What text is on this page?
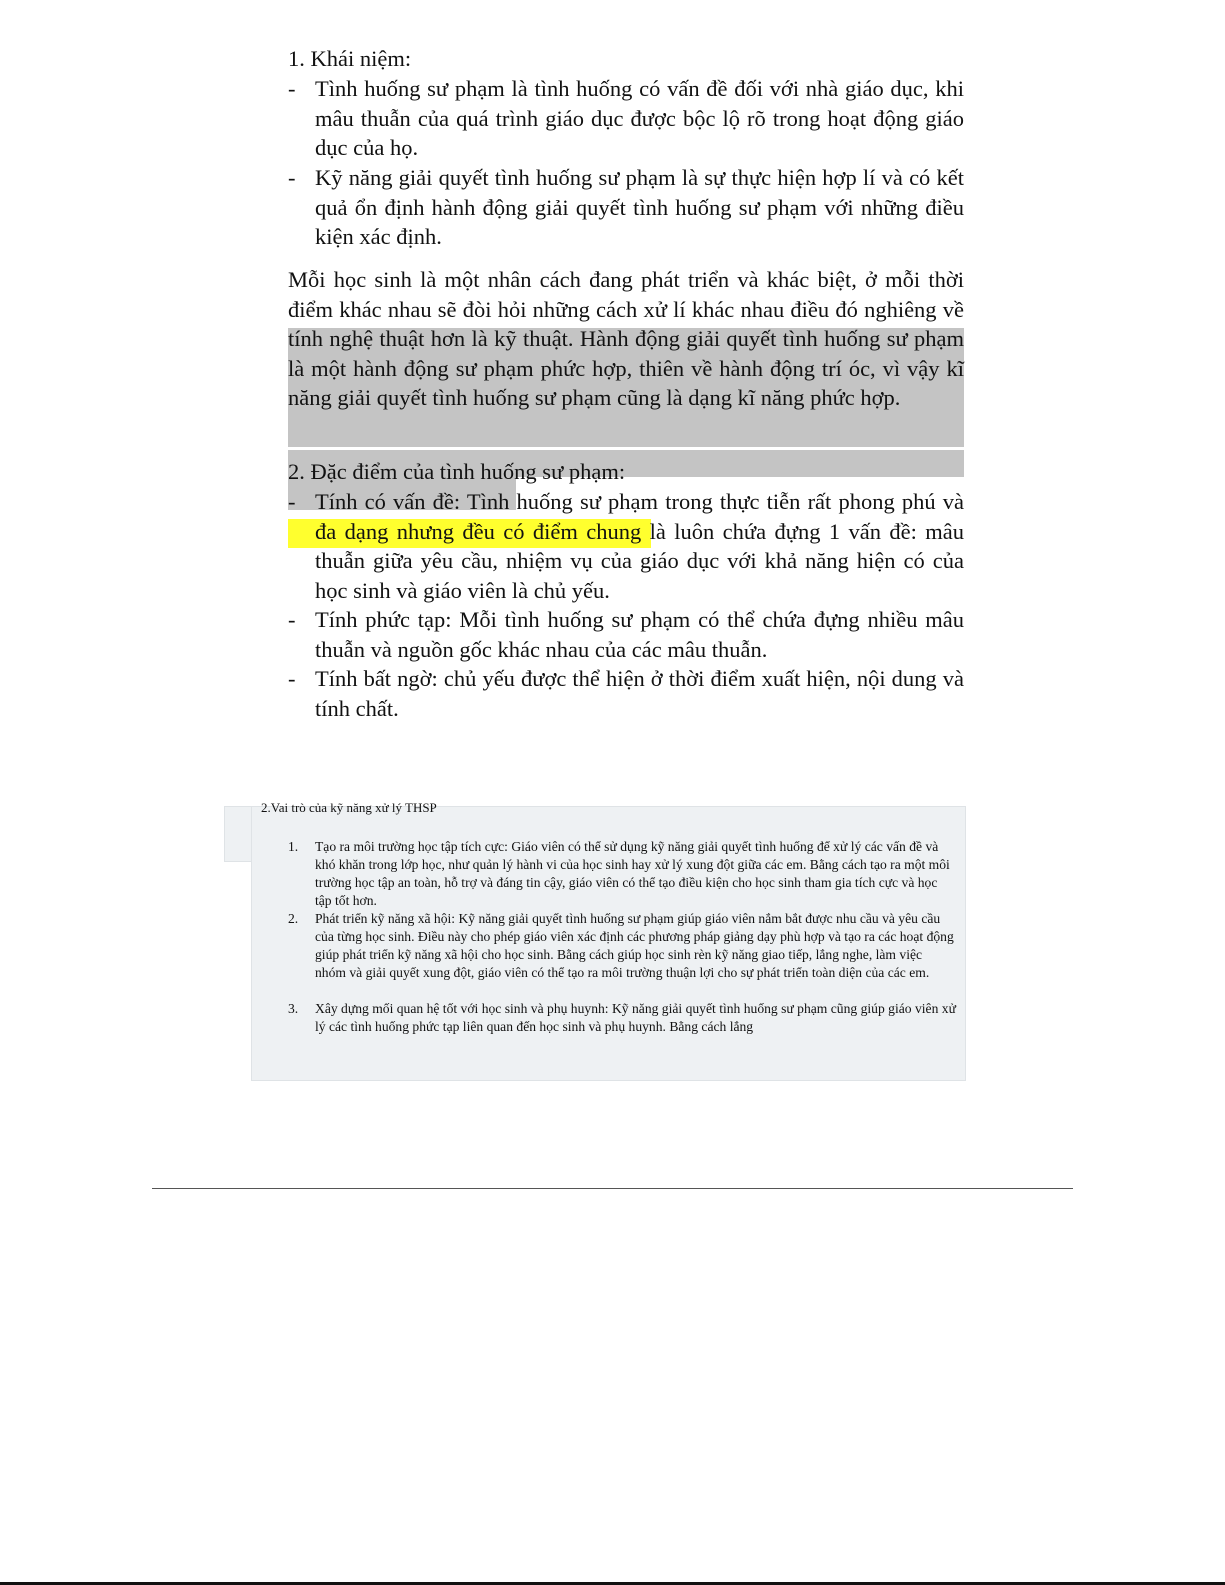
1. Khái niệm:
- Tình huống sư phạm là tình huống có vấn đề đối với nhà giáo dục, khi mâu thuẫn của quá trình giáo dục được bộc lộ rõ trong hoạt động giáo dục của họ.
- Kỹ năng giải quyết tình huống sư phạm là sự thực hiện hợp lí và có kết quả ổn định hành động giải quyết tình huống sư phạm với những điều kiện xác định.
Mỗi học sinh là một nhân cách đang phát triển và khác biệt, ở mỗi thời điểm khác nhau sẽ đòi hỏi những cách xử lí khác nhau điều đó nghiêng về tính nghệ thuật hơn là kỹ thuật. Hành động giải quyết tình huống sư phạm là một hành động sư phạm phức hợp, thiên về hành động trí óc, vì vậy kĩ năng giải quyết tình huống sư phạm cũng là dạng kĩ năng phức hợp.
2. Đặc điểm của tình huống sư phạm:
- Tính có vấn đề: Tình huống sư phạm trong thực tiễn rất phong phú và đa dạng nhưng đều có điểm chung là luôn chứa đựng 1 vấn đề: mâu thuẫn giữa yêu cầu, nhiệm vụ của giáo dục với khả năng hiện có của học sinh và giáo viên là chủ yếu.
- Tính phức tạp: Mỗi tình huống sư phạm có thể chứa đựng nhiều mâu thuẫn và nguồn gốc khác nhau của các mâu thuẫn.
- Tính bất ngờ: chủ yếu được thể hiện ở thời điểm xuất hiện, nội dung và tính chất.
2.Vai trò của kỹ năng xử lý THSP
1. Tạo ra môi trường học tập tích cực: Giáo viên có thể sử dụng kỹ năng giải quyết tình huống để xử lý các vấn đề và khó khăn trong lớp học, như quản lý hành vi của học sinh hay xử lý xung đột giữa các em. Bằng cách tạo ra một môi trường học tập an toàn, hỗ trợ và đáng tin cậy, giáo viên có thể tạo điều kiện cho học sinh tham gia tích cực và học tập tốt hơn.
2. Phát triển kỹ năng xã hội: Kỹ năng giải quyết tình huống sư phạm giúp giáo viên nắm bắt được nhu cầu và yêu cầu của từng học sinh. Điều này cho phép giáo viên xác định các phương pháp giảng dạy phù hợp và tạo ra các hoạt động giúp phát triển kỹ năng xã hội cho học sinh. Bằng cách giúp học sinh rèn kỹ năng giao tiếp, lắng nghe, làm việc nhóm và giải quyết xung đột, giáo viên có thể tạo ra môi trường thuận lợi cho sự phát triển toàn diện của các em.
3. Xây dựng mối quan hệ tốt với học sinh và phụ huynh: Kỹ năng giải quyết tình huống sư phạm cũng giúp giáo viên xử lý các tình huống phức tạp liên quan đến học sinh và phụ huynh. Bằng cách lắng
